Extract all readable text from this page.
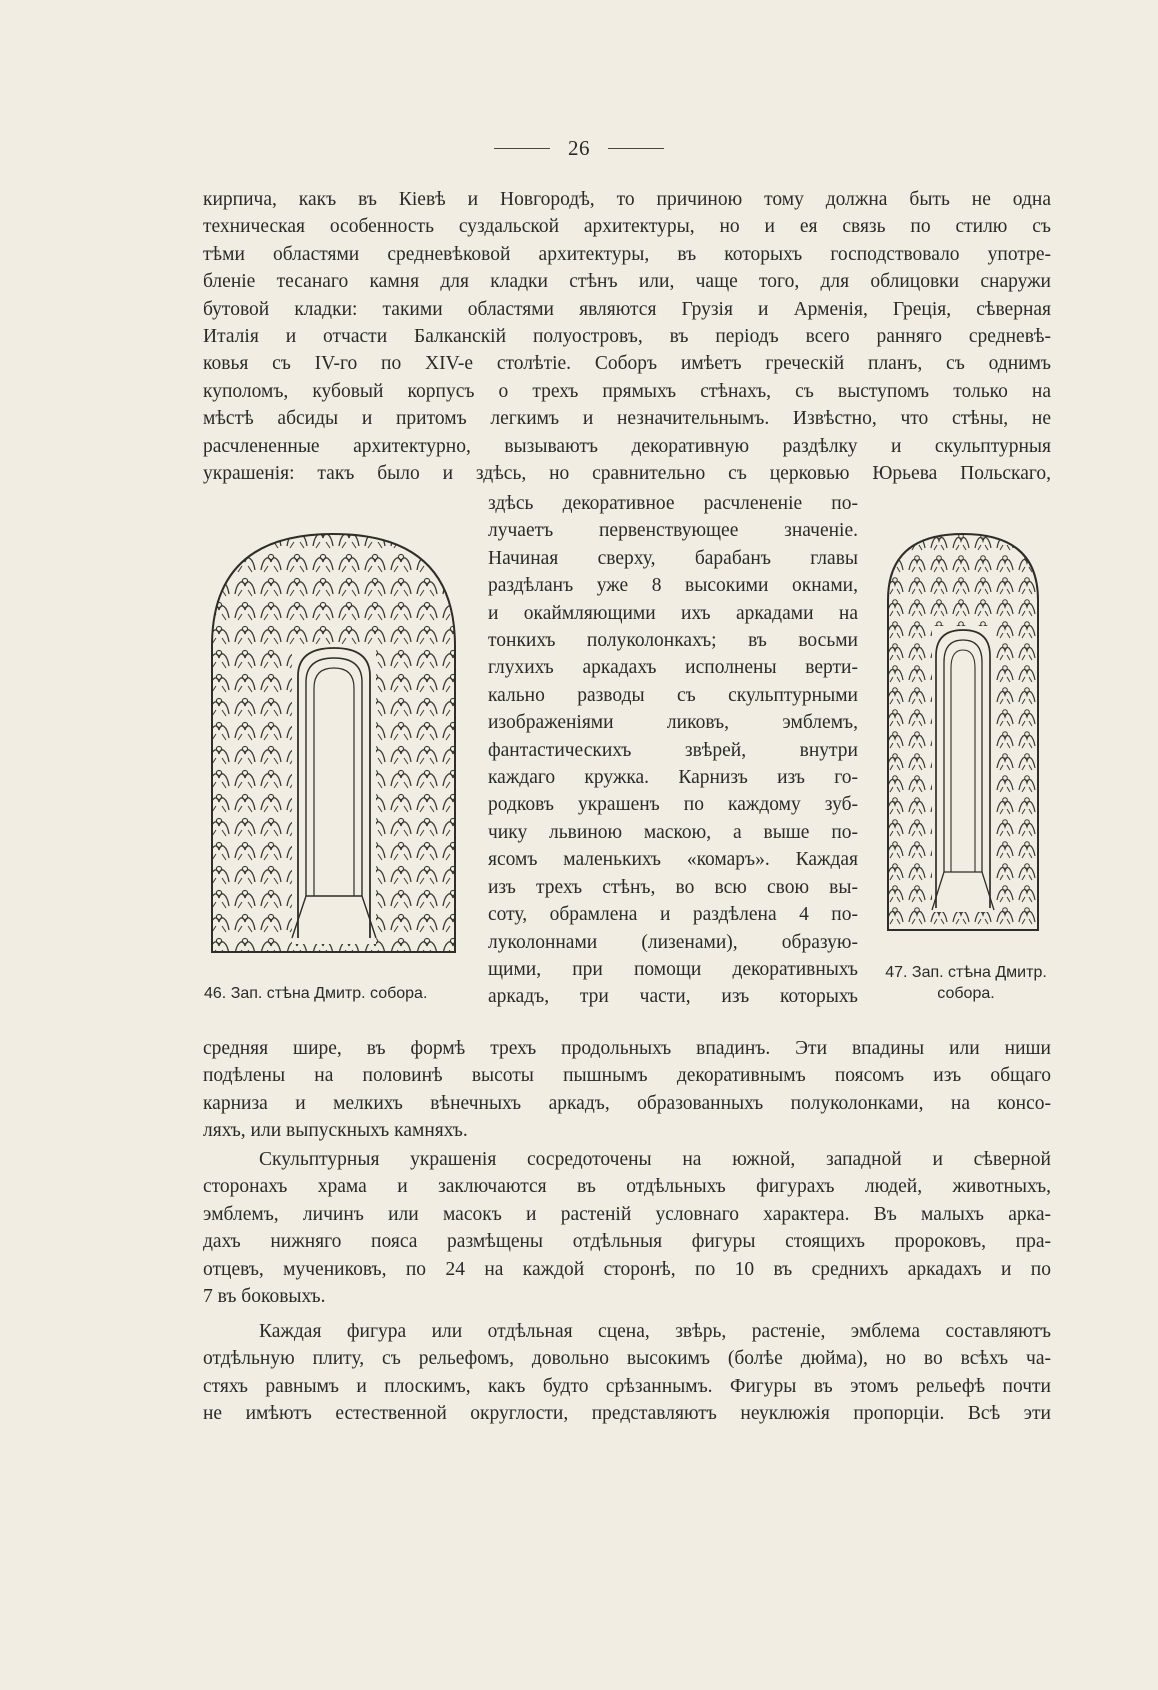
26
кирпича, какъ въ Кіевѣ и Новгородѣ, то причиною тому должна быть не одна
техническая особенность суздальской архитектуры, но и ея связь по стилю съ
тѣми областями средневѣковой архитектуры, въ которыхъ господствовало употре-
бленіе тесанаго камня для кладки стѣнъ или, чаще того, для облицовки снаружи
бутовой кладки: такими областями являются Грузія и Арменія, Греція, сѣверная
Италія и отчасти Балканскій полуостровъ, въ періодъ всего ранняго средневѣ-
ковья съ IV-го по XIV-е столѣтіе. Соборъ имѣетъ греческій планъ, съ однимъ
куполомъ, кубовый корпусъ о трехъ прямыхъ стѣнахъ, съ выступомъ только на
мѣстѣ абсиды и притомъ легкимъ и незначительнымъ. Извѣстно, что стѣны, не
расчлененные архитектурно, вызываютъ декоративную раздѣлку и скульптурныя
украшенія: такъ было и здѣсь, но сравнительно съ церковью Юрьева Польскаго,
46. Зап. стѣна Дмитр. собора.
здѣсь декоративное расчлененіе по-
лучаетъ первенствующее значеніе.
Начиная сверху, барабанъ главы
раздѣланъ уже 8 высокими окнами,
и окаймляющими ихъ аркадами на
тонкихъ полуколонкахъ; въ восьми
глухихъ аркадахъ исполнены верти-
кально разводы съ скульптурными
изображеніями ликовъ, эмблемъ,
фантастическихъ звѣрей, внутри
каждаго кружка. Карнизъ изъ го-
родковъ украшенъ по каждому зуб-
чику львиною маскою, а выше по-
ясомъ маленькихъ «комаръ». Каждая
изъ трехъ стѣнъ, во всю свою вы-
соту, обрамлена и раздѣлена 4 по-
луколоннами (лизенами), образую-
щими, при помощи декоративныхъ
аркадъ, три части, изъ которыхъ
47. Зап. стѣна Дмитр.
собора.
средняя шире, въ формѣ трехъ продольныхъ впадинъ. Эти впадины или ниши
подѣлены на половинѣ высоты пышнымъ декоративнымъ поясомъ изъ общаго
карниза и мелкихъ вѣнечныхъ аркадъ, образованныхъ полуколонками, на консо-
ляхъ, или выпускныхъ камняхъ.
Скульптурныя украшенія сосредоточены на южной, западной и сѣверной
сторонахъ храма и заключаются въ отдѣльныхъ фигурахъ людей, животныхъ,
эмблемъ, личинъ или масокъ и растеній условнаго характера. Въ малыхъ арка-
дахъ нижняго пояса размѣщены отдѣльныя фигуры стоящихъ пророковъ, пра-
отцевъ, мучениковъ, по 24 на каждой сторонѣ, по 10 въ среднихъ аркадахъ и по
7 въ боковыхъ.
Каждая фигура или отдѣльная сцена, звѣрь, растеніе, эмблема составляютъ
отдѣльную плиту, съ рельефомъ, довольно высокимъ (болѣе дюйма), но во всѣхъ ча-
стяхъ равнымъ и плоскимъ, какъ будто срѣзаннымъ. Фигуры въ этомъ рельефѣ почти
не имѣютъ естественной округлости, представляютъ неуклюжія пропорціи. Всѣ эти
